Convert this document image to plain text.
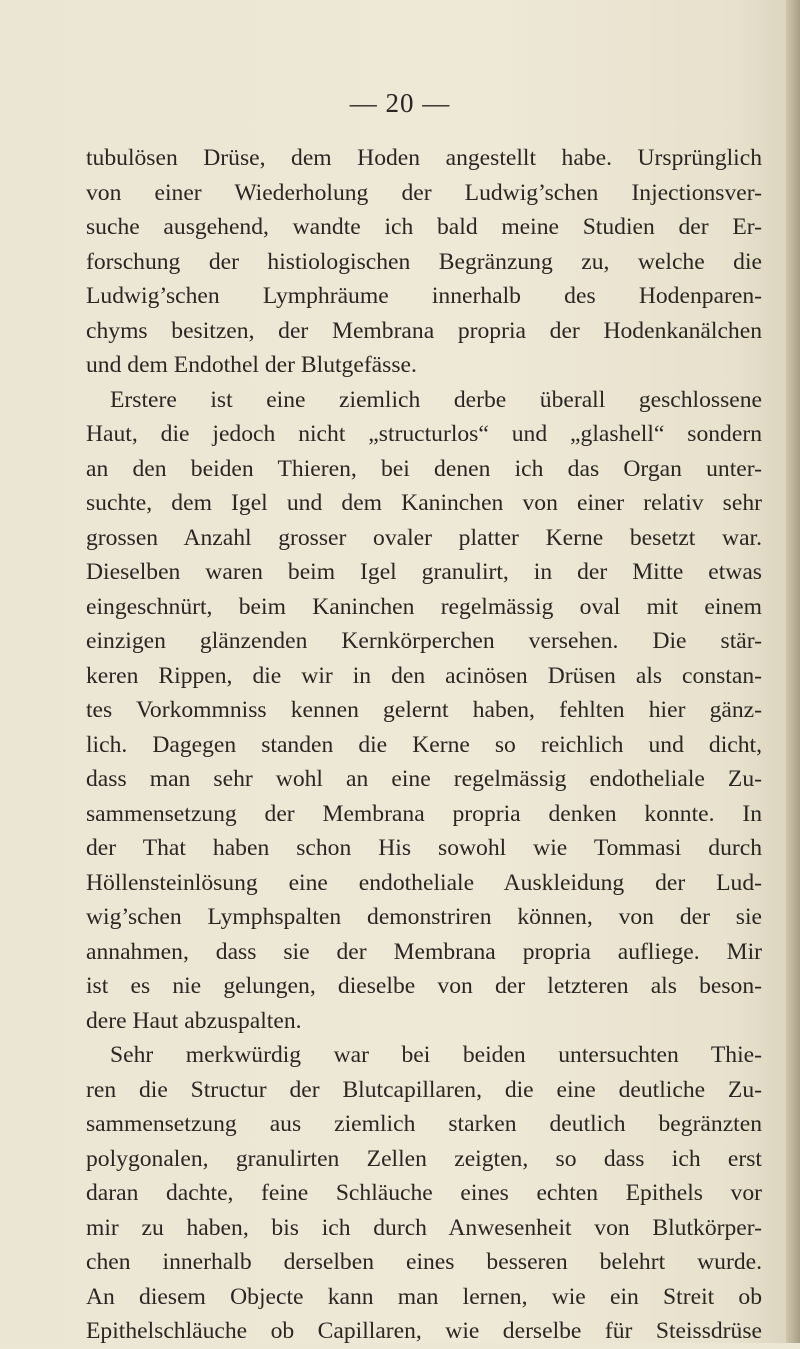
— 20 —
tubulösen Drüse, dem Hoden angestellt habe. Ursprünglich
von einer Wiederholung der Ludwig’schen Injectionsver-
suche ausgehend, wandte ich bald meine Studien der Er-
forschung der histiologischen Begränzung zu, welche die
Ludwig’schen Lymphräume innerhalb des Hodenparen-
chyms besitzen, der Membrana propria der Hodenkanälchen
und dem Endothel der Blutgefässe.
Erstere ist eine ziemlich derbe überall geschlossene
Haut, die jedoch nicht „structurlos“ und „glashell“ sondern
an den beiden Thieren, bei denen ich das Organ unter-
suchte, dem Igel und dem Kaninchen von einer relativ sehr
grossen Anzahl grosser ovaler platter Kerne besetzt war.
Dieselben waren beim Igel granulirt, in der Mitte etwas
eingeschnürt, beim Kaninchen regelmässig oval mit einem
einzigen glänzenden Kernkörperchen versehen. Die stär-
keren Rippen, die wir in den acinösen Drüsen als constan-
tes Vorkommniss kennen gelernt haben, fehlten hier gänz-
lich. Dagegen standen die Kerne so reichlich und dicht,
dass man sehr wohl an eine regelmässig endotheliale Zu-
sammensetzung der Membrana propria denken konnte. In
der That haben schon His sowohl wie Tommasi durch
Höllensteinlösung eine endotheliale Auskleidung der Lud-
wig’schen Lymphspalten demonstriren können, von der sie
annahmen, dass sie der Membrana propria aufliege. Mir
ist es nie gelungen, dieselbe von der letzteren als beson-
dere Haut abzuspalten.
Sehr merkwürdig war bei beiden untersuchten Thie-
ren die Structur der Blutcapillaren, die eine deutliche Zu-
sammensetzung aus ziemlich starken deutlich begränzten
polygonalen, granulirten Zellen zeigten, so dass ich erst
daran dachte, feine Schläuche eines echten Epithels vor
mir zu haben, bis ich durch Anwesenheit von Blutkörper-
chen innerhalb derselben eines besseren belehrt wurde.
An diesem Objecte kann man lernen, wie ein Streit ob
Epithelschläuche ob Capillaren, wie derselbe für Steissdrüse
